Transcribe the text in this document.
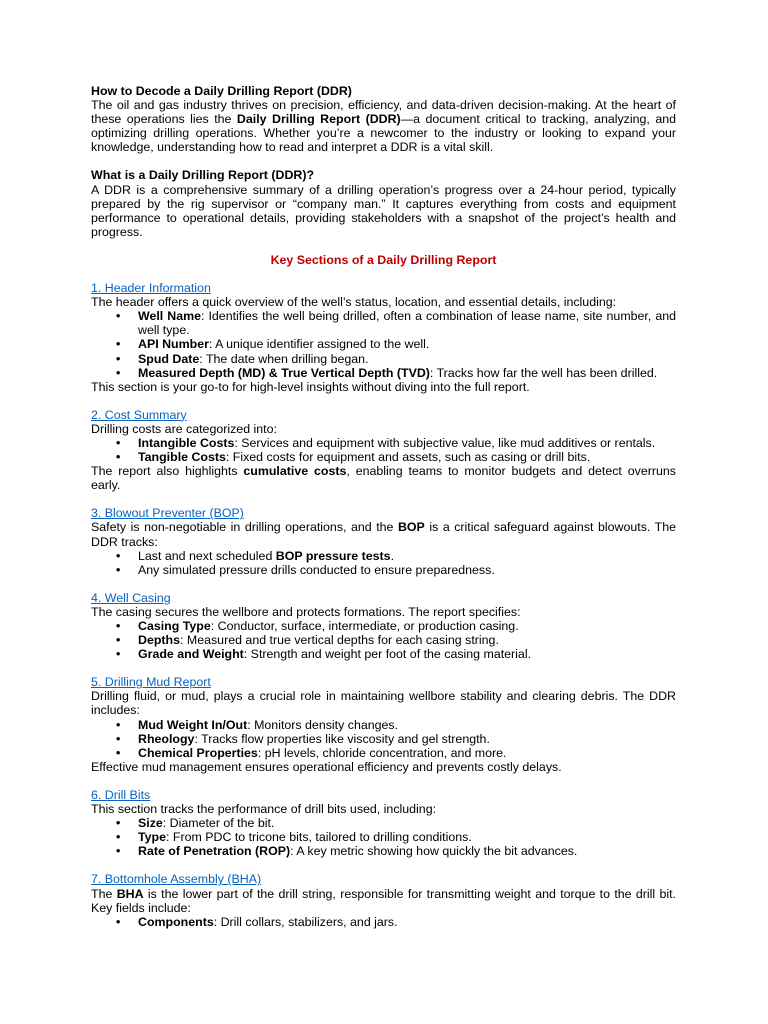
How to Decode a Daily Drilling Report (DDR)

The oil and gas industry thrives on precision, efficiency, and data-driven decision-making. At the heart of these operations lies the Daily Drilling Report (DDR)—a document critical to tracking, analyzing, and optimizing drilling operations. Whether you’re a newcomer to the industry or looking to expand your knowledge, understanding how to read and interpret a DDR is a vital skill.

What is a Daily Drilling Report (DDR)?

A DDR is a comprehensive summary of a drilling operation’s progress over a 24-hour period, typically prepared by the rig supervisor or “company man.” It captures everything from costs and equipment performance to operational details, providing stakeholders with a snapshot of the project’s health and progress.

Key Sections of a Daily Drilling Report

1. Header Information

The header offers a quick overview of the well’s status, location, and essential details, including:

• Well Name: Identifies the well being drilled, often a combination of lease name, site number, and well type.
• API Number: A unique identifier assigned to the well.
• Spud Date: The date when drilling began.
• Measured Depth (MD) & True Vertical Depth (TVD): Tracks how far the well has been drilled.

This section is your go-to for high-level insights without diving into the full report.

2. Cost Summary

Drilling costs are categorized into:

• Intangible Costs: Services and equipment with subjective value, like mud additives or rentals.
• Tangible Costs: Fixed costs for equipment and assets, such as casing or drill bits.

The report also highlights cumulative costs, enabling teams to monitor budgets and detect overruns early.

3. Blowout Preventer (BOP)

Safety is non-negotiable in drilling operations, and the BOP is a critical safeguard against blowouts. The DDR tracks:

• Last and next scheduled BOP pressure tests.
• Any simulated pressure drills conducted to ensure preparedness.

4. Well Casing

The casing secures the wellbore and protects formations. The report specifies:

• Casing Type: Conductor, surface, intermediate, or production casing.
• Depths: Measured and true vertical depths for each casing string.
• Grade and Weight: Strength and weight per foot of the casing material.

5. Drilling Mud Report

Drilling fluid, or mud, plays a crucial role in maintaining wellbore stability and clearing debris. The DDR includes:

• Mud Weight In/Out: Monitors density changes.
• Rheology: Tracks flow properties like viscosity and gel strength.
• Chemical Properties: pH levels, chloride concentration, and more.

Effective mud management ensures operational efficiency and prevents costly delays.

6. Drill Bits

This section tracks the performance of drill bits used, including:

• Size: Diameter of the bit.
• Type: From PDC to tricone bits, tailored to drilling conditions.
• Rate of Penetration (ROP): A key metric showing how quickly the bit advances.

7. Bottomhole Assembly (BHA)

The BHA is the lower part of the drill string, responsible for transmitting weight and torque to the drill bit. Key fields include:

• Components: Drill collars, stabilizers, and jars.
